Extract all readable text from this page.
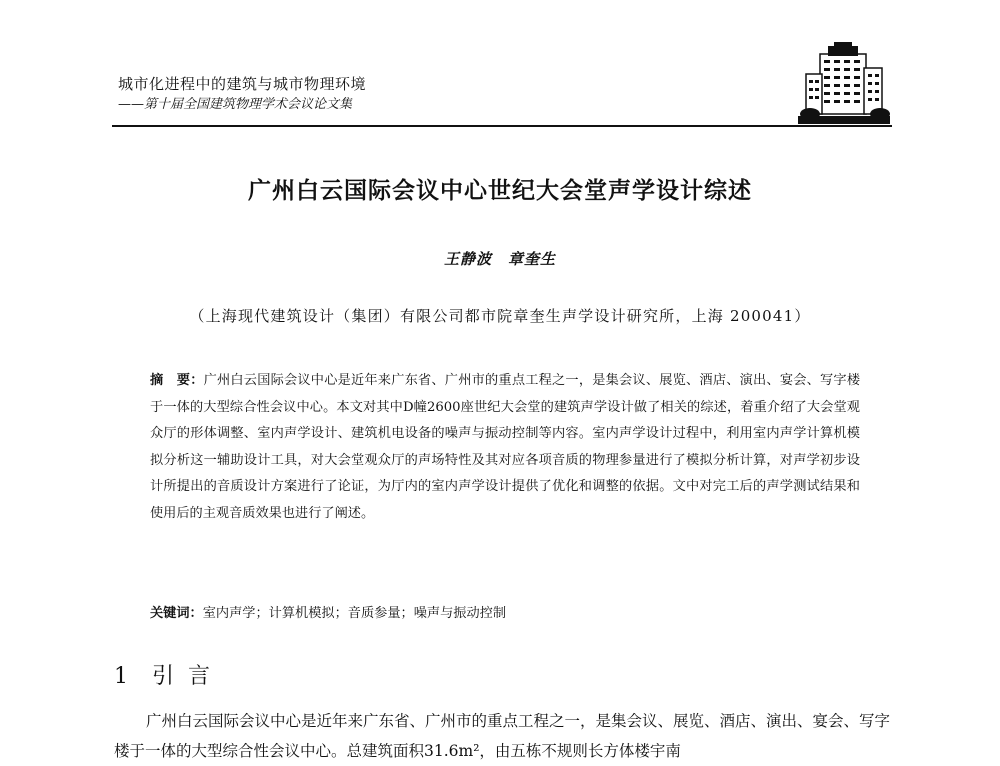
城市化进程中的建筑与城市物理环境
——第十届全国建筑物理学术会议论文集
广州白云国际会议中心世纪大会堂声学设计综述
王静波　章奎生
（上海现代建筑设计（集团）有限公司都市院章奎生声学设计研究所，上海 200041）
摘　要：广州白云国际会议中心是近年来广东省、广州市的重点工程之一，是集会议、展览、酒店、演出、宴会、写字楼于一体的大型综合性会议中心。本文对其中D幢2600座世纪大会堂的建筑声学设计做了相关的综述，着重介绍了大会堂观众厅的形体调整、室内声学设计、建筑机电设备的噪声与振动控制等内容。室内声学设计过程中，利用室内声学计算机模拟分析这一辅助设计工具，对大会堂观众厅的声场特性及其对应各项音质的物理参量进行了模拟分析计算，对声学初步设计所提出的音质设计方案进行了论证，为厅内的室内声学设计提供了优化和调整的依据。文中对完工后的声学测试结果和使用后的主观音质效果也进行了阐述。
关键词：室内声学；计算机模拟；音质参量；噪声与振动控制
1 引言
广州白云国际会议中心是近年来广东省、广州市的重点工程之一，是集会议、展览、酒店、演出、宴会、写字楼于一体的大型综合性会议中心。总建筑面积31.6m²，由五栋不规则长方体楼宇南
